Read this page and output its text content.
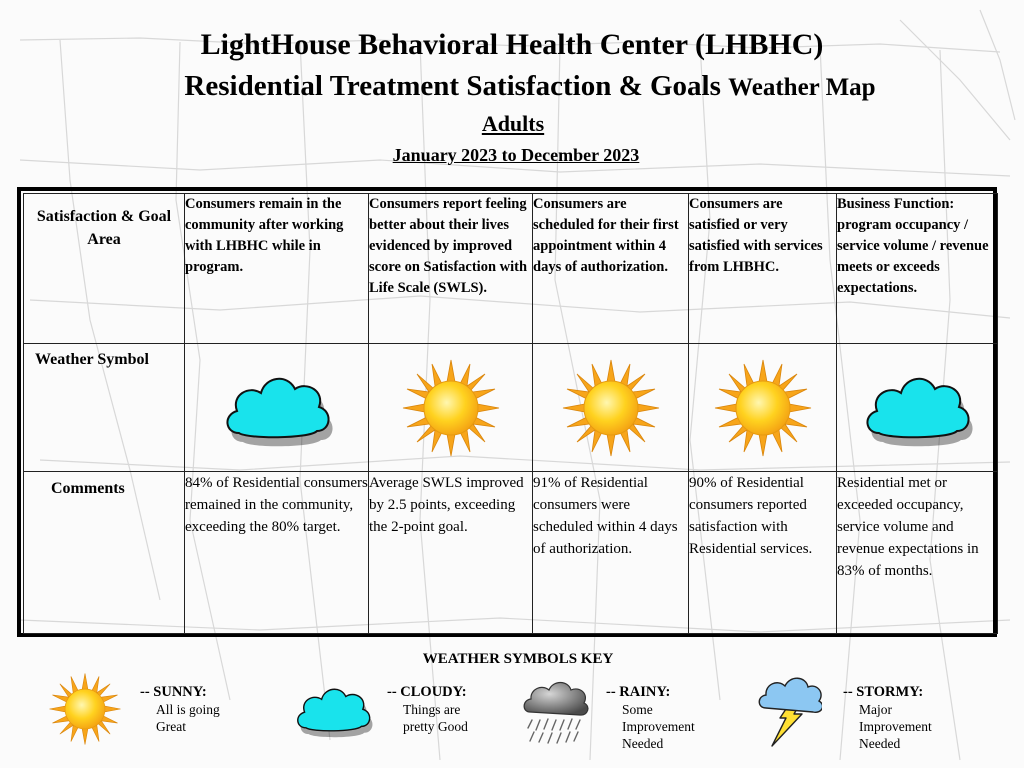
LightHouse Behavioral Health Center (LHBHC)
Residential Treatment Satisfaction & Goals Weather Map
Adults
January 2023 to December 2023
Satisfaction & Goal Area	Consumers remain in the community after working with LHBHC while in program.	Consumers report feeling better about their lives evidenced by improved score on Satisfaction with Life Scale (SWLS).	Consumers are scheduled for their first appointment within 4 days of authorization.	Consumers are satisfied or very satisfied with services from LHBHC.	Business Function: program occupancy / service volume / revenue meets or exceeds expectations.
Weather Symbol	

Comments	84% of Residential consumers remained in the community, exceeding the 80% target.	Average SWLS improved by 2.5 points, exceeding the 2-point goal.	91% of Residential consumers were scheduled within 4 days of authorization.	90% of Residential consumers reported satisfaction with Residential services.	Residential met or exceeded occupancy, service volume and revenue expectations in 83% of months.
WEATHER SYMBOLS KEY
-- SUNNY:
All is going
Great
-- CLOUDY:
Things are
pretty Good
-- RAINY:
Some
Improvement
Needed
-- STORMY:
Major
Improvement
Needed
